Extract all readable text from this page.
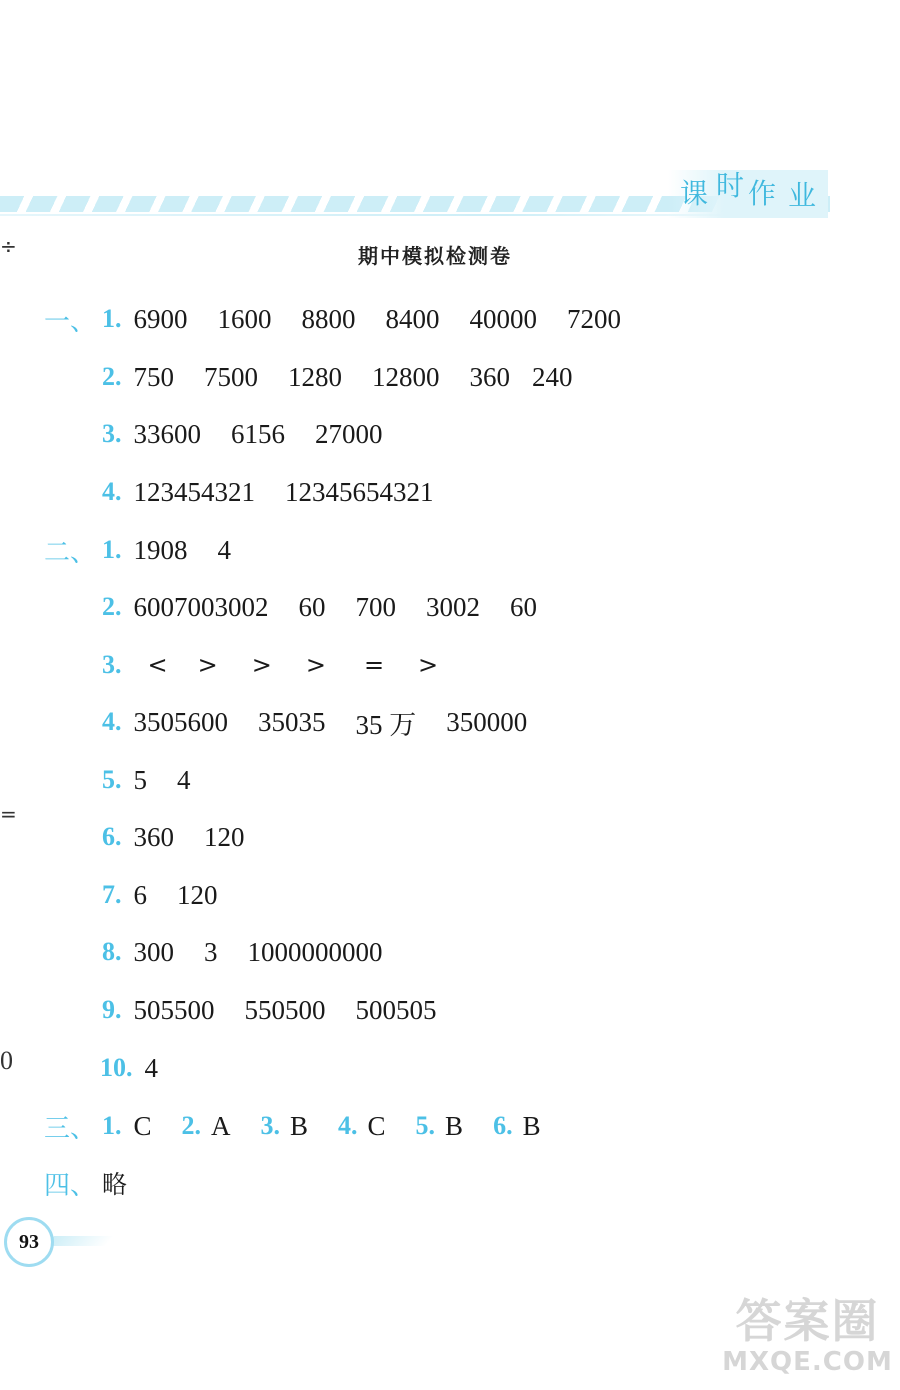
课 时 作 业
÷
=
0
期中模拟检测卷
一、 1. 6900 1600 8800 8400 40000 7200
2. 750 7500 1280 12800 360 240
3. 33600 6156 27000
4. 123454321 12345654321
二、 1. 1908 4
2. 6007003002 60 700 3002 60
3. < > > > = >
4. 3505600 35035 35 万 350000
5. 5 4
6. 360 120
7. 6 120
8. 300 3 1000000000
9. 505500 550500 500505
10. 4
三、 1. C 2. A 3. B 4. C 5. B 6. B
四、 略
93
答案圈
MXQE.COM
